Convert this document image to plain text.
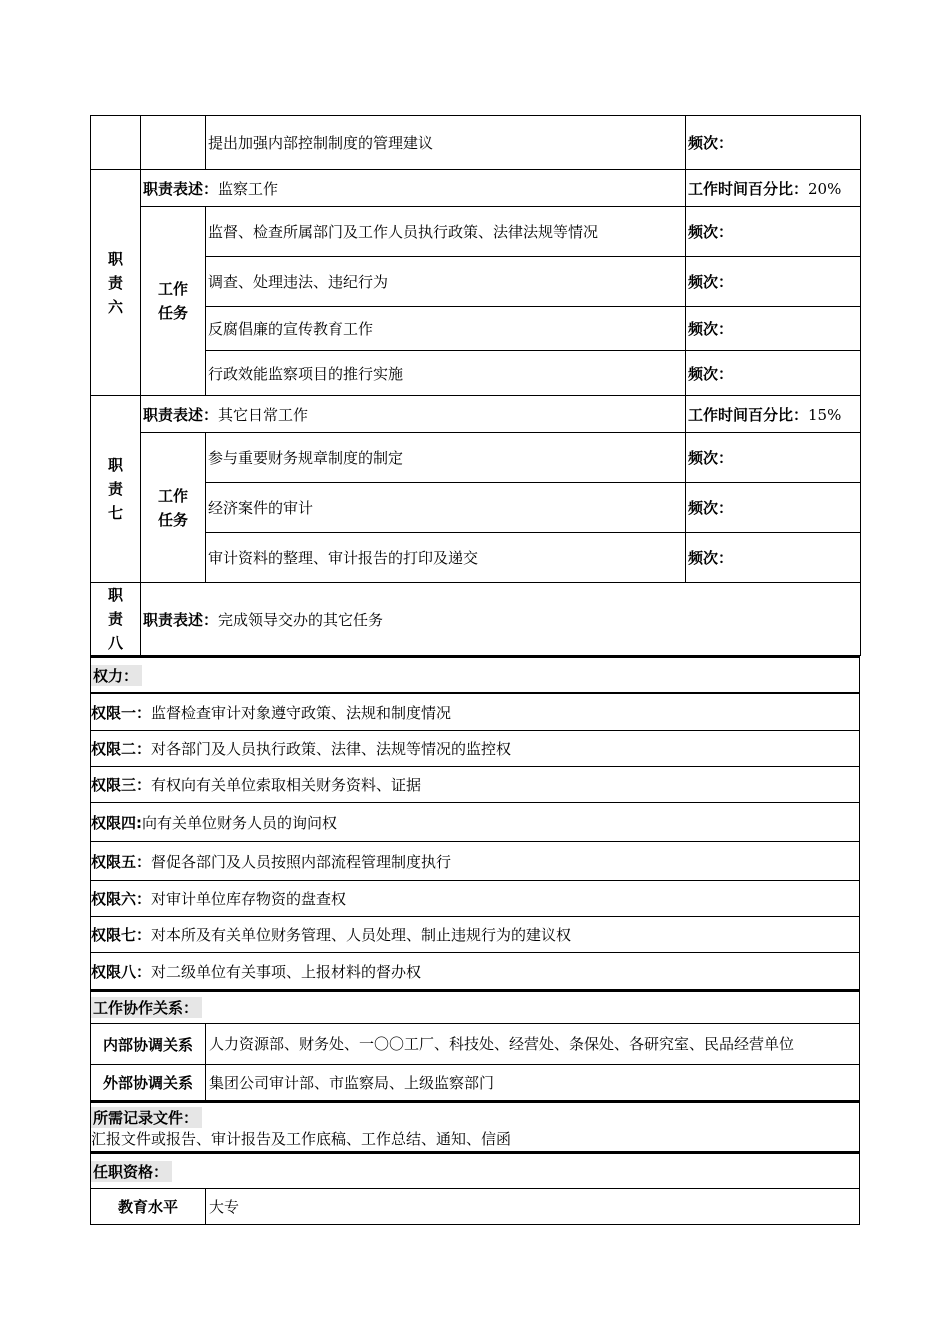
		提出加强内部控制制度的管理建议	频次：

职
责
六	职责表述：监察工作		工作时间百分比：20%

	工作
任务	监督、检查所属部门及工作人员执行政策、法律法规等情况	频次：
		调查、处理违法、违纪行为	频次：
		反腐倡廉的宣传教育工作	频次：
		行政效能监察项目的推行实施	频次：

职
责
七	职责表述：其它日常工作		工作时间百分比：15%

	工作
任务	参与重要财务规章制度的制定	频次：
		经济案件的审计	频次：
		审计资料的整理、审计报告的打印及递交	频次：

职
责
八	职责表述：完成领导交办的其它任务		
权力：
权限一： 监督检查审计对象遵守政策、法规和制度情况
权限二： 对各部门及人员执行政策、法律、法规等情况的监控权
权限三： 有权向有关单位索取相关财务资料、证据
权限四: 向有关单位财务人员的询问权
权限五： 督促各部门及人员按照内部流程管理制度执行
权限六： 对审计单位库存物资的盘查权
权限七： 对本所及有关单位财务管理、人员处理、制止违规行为的建议权
权限八： 对二级单位有关事项、上报材料的督办权
工作协作关系：
内部协调关系	人力资源部、财务处、一〇〇工厂、科技处、经营处、条保处、各研究室、民品经营单位
外部协调关系	集团公司审计部、市监察局、上级监察部门
所需记录文件：
汇报文件或报告、审计报告及工作底稿、工作总结、通知、信函
任职资格：
教育水平	大专
